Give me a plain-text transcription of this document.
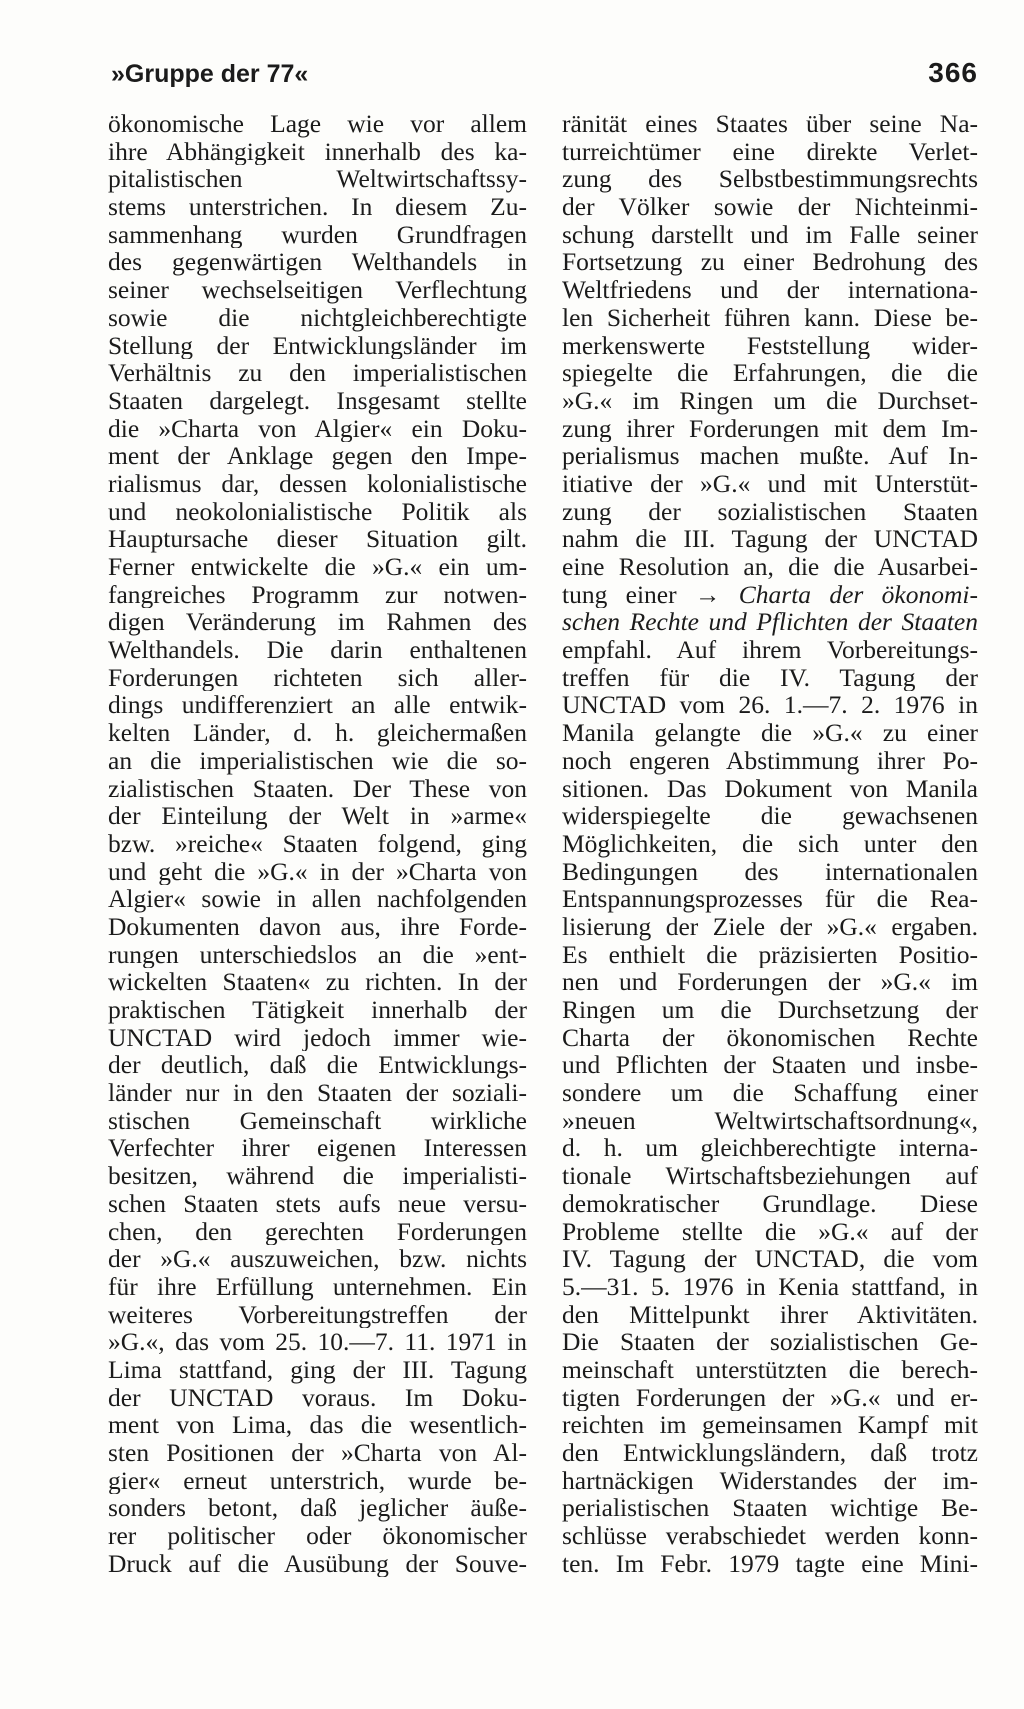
»Gruppe der 77«	366
ökonomische Lage wie vor allem
ihre Abhängigkeit innerhalb des ka-
pitalistischen Weltwirtschaftssy-
stems unterstrichen. In diesem Zu-
sammenhang wurden Grundfragen
des gegenwärtigen Welthandels in
seiner wechselseitigen Verflechtung
sowie die nichtgleichberechtigte
Stellung der Entwicklungsländer im
Verhältnis zu den imperialistischen
Staaten dargelegt. Insgesamt stellte
die »Charta von Algier« ein Doku-
ment der Anklage gegen den Impe-
rialismus dar, dessen kolonialistische
und neokolonialistische Politik als
Hauptursache dieser Situation gilt.
Ferner entwickelte die »G.« ein um-
fangreiches Programm zur notwen-
digen Veränderung im Rahmen des
Welthandels. Die darin enthaltenen
Forderungen richteten sich aller-
dings undifferenziert an alle entwik-
kelten Länder, d. h. gleichermaßen
an die imperialistischen wie die so-
zialistischen Staaten. Der These von
der Einteilung der Welt in »arme«
bzw. »reiche« Staaten folgend, ging
und geht die »G.« in der »Charta von
Algier« sowie in allen nachfolgenden
Dokumenten davon aus, ihre Forde-
rungen unterschiedslos an die »ent-
wickelten Staaten« zu richten. In der
praktischen Tätigkeit innerhalb der
UNCTAD wird jedoch immer wie-
der deutlich, daß die Entwicklungs-
länder nur in den Staaten der soziali-
stischen Gemeinschaft wirkliche
Verfechter ihrer eigenen Interessen
besitzen, während die imperialisti-
schen Staaten stets aufs neue versu-
chen, den gerechten Forderungen
der »G.« auszuweichen, bzw. nichts
für ihre Erfüllung unternehmen. Ein
weiteres Vorbereitungstreffen der
»G.«, das vom 25. 10.—7. 11. 1971 in
Lima stattfand, ging der III. Tagung
der UNCTAD voraus. Im Doku-
ment von Lima, das die wesentlich-
sten Positionen der »Charta von Al-
gier« erneut unterstrich, wurde be-
sonders betont, daß jeglicher äuße-
rer politischer oder ökonomischer
Druck auf die Ausübung der Souve-
ränität eines Staates über seine Na-
turreichtümer eine direkte Verlet-
zung des Selbstbestimmungsrechts
der Völker sowie der Nichteinmi-
schung darstellt und im Falle seiner
Fortsetzung zu einer Bedrohung des
Weltfriedens und der internationa-
len Sicherheit führen kann. Diese be-
merkenswerte Feststellung wider-
spiegelte die Erfahrungen, die die
»G.« im Ringen um die Durchset-
zung ihrer Forderungen mit dem Im-
perialismus machen mußte. Auf In-
itiative der »G.« und mit Unterstüt-
zung der sozialistischen Staaten
nahm die III. Tagung der UNCTAD
eine Resolution an, die die Ausarbei-
tung einer → Charta der ökonomi-
schen Rechte und Pflichten der Staaten
empfahl. Auf ihrem Vorbereitungs-
treffen für die IV. Tagung der
UNCTAD vom 26. 1.—7. 2. 1976 in
Manila gelangte die »G.« zu einer
noch engeren Abstimmung ihrer Po-
sitionen. Das Dokument von Manila
widerspiegelte die gewachsenen
Möglichkeiten, die sich unter den
Bedingungen des internationalen
Entspannungsprozesses für die Rea-
lisierung der Ziele der »G.« ergaben.
Es enthielt die präzisierten Positio-
nen und Forderungen der »G.« im
Ringen um die Durchsetzung der
Charta der ökonomischen Rechte
und Pflichten der Staaten und insbe-
sondere um die Schaffung einer
»neuen Weltwirtschaftsordnung«,
d. h. um gleichberechtigte interna-
tionale Wirtschaftsbeziehungen auf
demokratischer Grundlage. Diese
Probleme stellte die »G.« auf der
IV. Tagung der UNCTAD, die vom
5.—31. 5. 1976 in Kenia stattfand, in
den Mittelpunkt ihrer Aktivitäten.
Die Staaten der sozialistischen Ge-
meinschaft unterstützten die berech-
tigten Forderungen der »G.« und er-
reichten im gemeinsamen Kampf mit
den Entwicklungsländern, daß trotz
hartnäckigen Widerstandes der im-
perialistischen Staaten wichtige Be-
schlüsse verabschiedet werden konn-
ten. Im Febr. 1979 tagte eine Mini-
